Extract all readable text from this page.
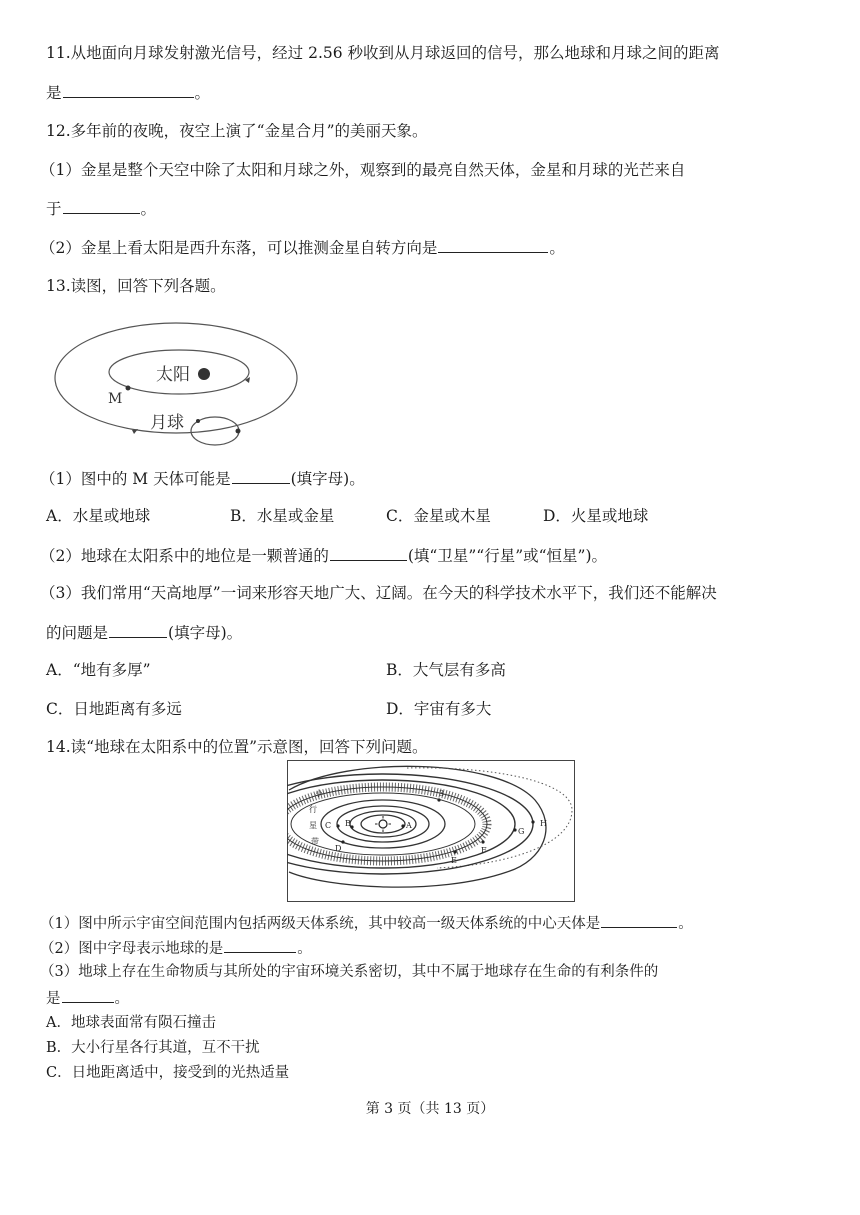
11.从地面向月球发射激光信号，经过 2.56 秒收到从月球返回的信号，那么地球和月球之间的距离
是	。
12.多年前的夜晚，夜空上演了“金星合月”的美丽天象。
（1）金星是整个天空中除了太阳和月球之外，观察到的最亮自然天体，金星和月球的光芒来自
于	。
（2）金星上看太阳是西升东落，可以推测金星自转方向是	。
13.读图，回答下列各题。
太阳
月球
M
（1）图中的 M 天体可能是	(填字母)。
A．水星或地球	B．水星或金星	C．金星或木星	D．火星或地球
（2）地球在太阳系中的地位是一颗普通的	(填“卫星”“行星”或“恒星”)。
（3）我们常用“天高地厚”一词来形容天地广大、辽阔。在今天的科学技术水平下，我们还不能解决
的问题是	(填字母)。
A．“地有多厚”	B．大气层有多高
C．日地距离有多远	D．宇宙有多大
14.读“地球在太阳系中的位置”示意图，回答下列问题。
小
行
星
带
A
B
C
D
E
F
G
H
3
（1）图中所示宇宙空间范围内包括两级天体系统，其中较高一级天体系统的中心天体是	。
（2）图中字母表示地球的是	。
（3）地球上存在生命物质与其所处的宇宙环境关系密切，其中不属于地球存在生命的有利条件的
是	。
A．地球表面常有陨石撞击
B．大小行星各行其道，互不干扰
C．日地距离适中，接受到的光热适量
第 3 页（共 13 页）
